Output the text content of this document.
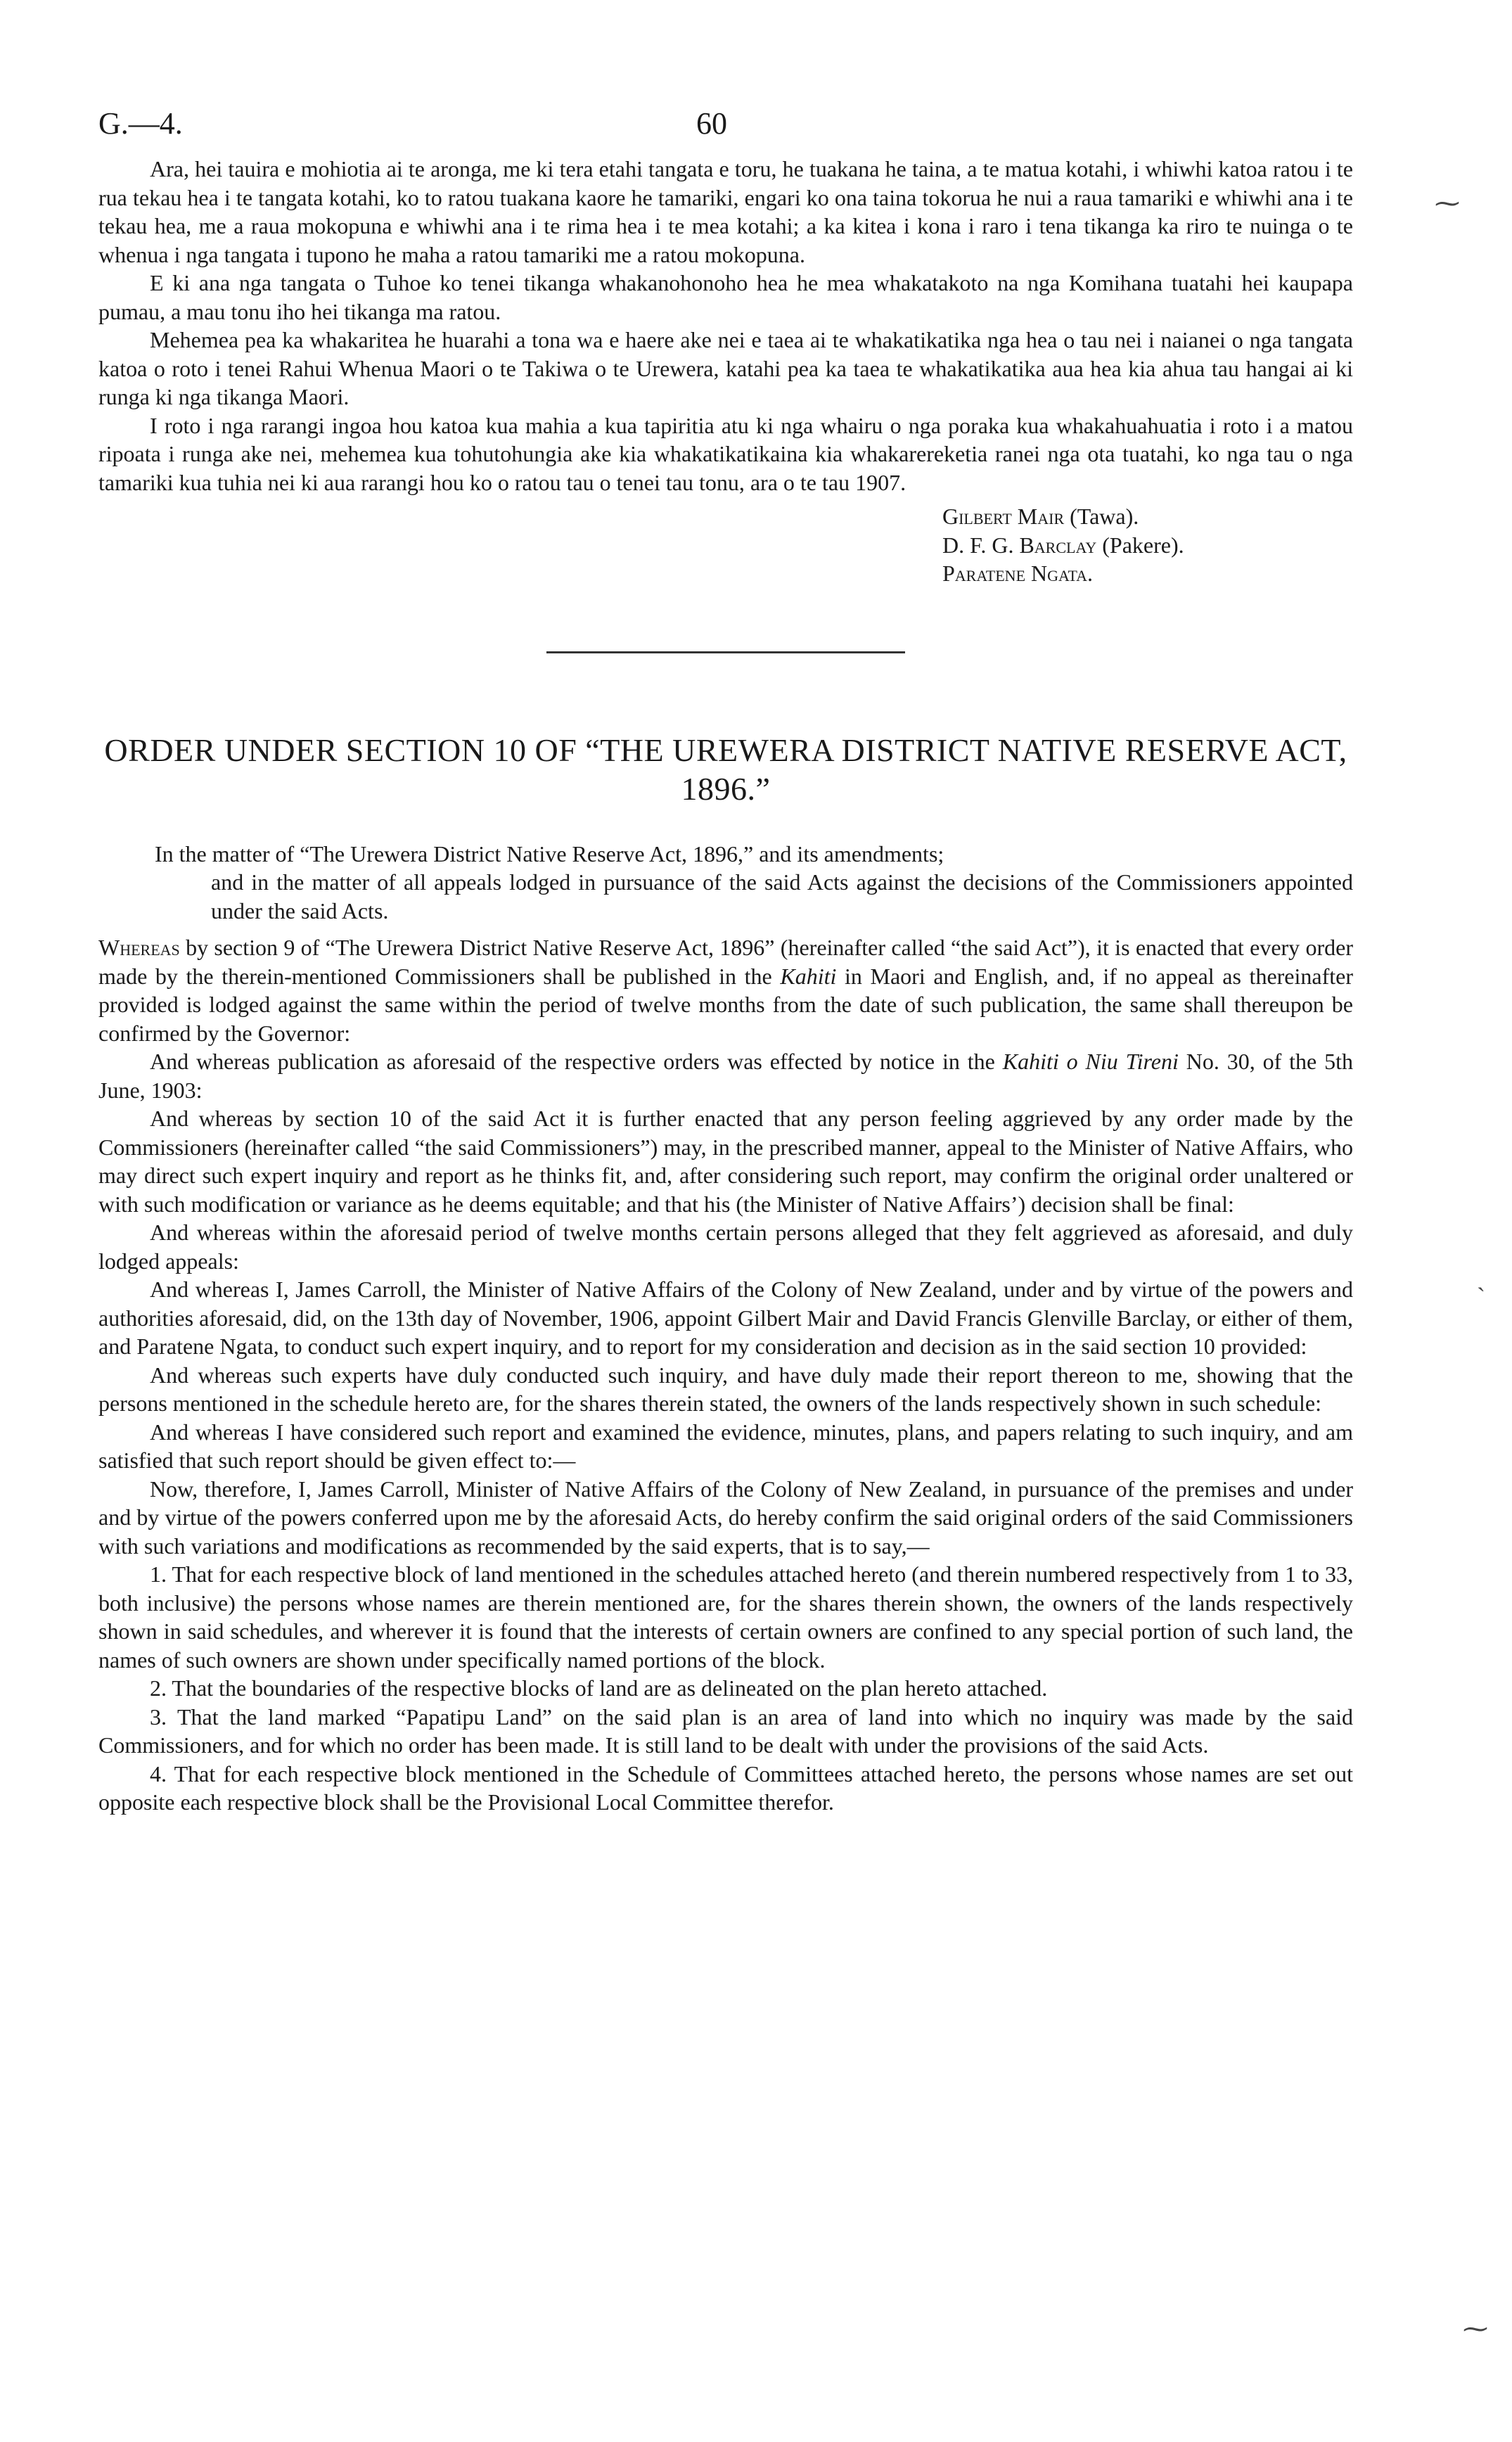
G.—4.	60

Ara, hei tauira e mohiotia ai te aronga, me ki tera etahi tangata e toru, he tuakana he taina, a te matua kotahi, i whiwhi katoa ratou i te rua tekau hea i te tangata kotahi, ko to ratou tuakana kaore he tamariki, engari ko ona taina tokorua he nui a raua tamariki e whiwhi ana i te tekau hea, me a raua mokopuna e whiwhi ana i te rima hea i te mea kotahi; a ka kitea i kona i raro i tena tikanga ka riro te nuinga o te whenua i nga tangata i tupono he maha a ratou tamariki me a ratou mokopuna.

E ki ana nga tangata o Tuhoe ko tenei tikanga whakanohonoho hea he mea whakatakoto na nga Komihana tuatahi hei kaupapa pumau, a mau tonu iho hei tikanga ma ratou.

Mehemea pea ka whakaritea he huarahi a tona wa e haere ake nei e taea ai te whakatikatika nga hea o tau nei i naianei o nga tangata katoa o roto i tenei Rahui Whenua Maori o te Takiwa o te Urewera, katahi pea ka taea te whakatikatika aua hea kia ahua tau hangai ai ki runga ki nga tikanga Maori.

I roto i nga rarangi ingoa hou katoa kua mahia a kua tapiritia atu ki nga whairu o nga poraka kua whakahuahuatia i roto i a matou ripoata i runga ake nei, mehemea kua tohutohungia ake kia whakatikatikaina kia whakarereketia ranei nga ota tuatahi, ko nga tau o nga tamariki kua tuhia nei ki aua rarangi hou ko o ratou tau o tenei tau tonu, ara o te tau 1907.

Gilbert Mair (Tawa).
D. F. G. Barclay (Pakere).
Paratene Ngata.
ORDER UNDER SECTION 10 OF “THE UREWERA DISTRICT NATIVE RESERVE ACT, 1896.”
In the matter of “The Urewera District Native Reserve Act, 1896,” and its amendments;
and in the matter of all appeals lodged in pursuance of the said Acts against the decisions of the Commissioners appointed under the said Acts.

Whereas by section 9 of “The Urewera District Native Reserve Act, 1896” (hereinafter called “the said Act”), it is enacted that every order made by the therein-mentioned Commissioners shall be published in the Kahiti in Maori and English, and, if no appeal as thereinafter provided is lodged against the same within the period of twelve months from the date of such publication, the same shall thereupon be confirmed by the Governor:

And whereas publication as aforesaid of the respective orders was effected by notice in the Kahiti o Niu Tireni No. 30, of the 5th June, 1903:

And whereas by section 10 of the said Act it is further enacted that any person feeling aggrieved by any order made by the Commissioners (hereinafter called “the said Commissioners”) may, in the prescribed manner, appeal to the Minister of Native Affairs, who may direct such expert inquiry and report as he thinks fit, and, after considering such report, may confirm the original order unaltered or with such modification or variance as he deems equitable; and that his (the Minister of Native Affairs’) decision shall be final:

And whereas within the aforesaid period of twelve months certain persons alleged that they felt aggrieved as aforesaid, and duly lodged appeals:

And whereas I, James Carroll, the Minister of Native Affairs of the Colony of New Zealand, under and by virtue of the powers and authorities aforesaid, did, on the 13th day of November, 1906, appoint Gilbert Mair and David Francis Glenville Barclay, or either of them, and Paratene Ngata, to conduct such expert inquiry, and to report for my consideration and decision as in the said section 10 provided:

And whereas such experts have duly conducted such inquiry, and have duly made their report thereon to me, showing that the persons mentioned in the schedule hereto are, for the shares therein stated, the owners of the lands respectively shown in such schedule:

And whereas I have considered such report and examined the evidence, minutes, plans, and papers relating to such inquiry, and am satisfied that such report should be given effect to:—

Now, therefore, I, James Carroll, Minister of Native Affairs of the Colony of New Zealand, in pursuance of the premises and under and by virtue of the powers conferred upon me by the aforesaid Acts, do hereby confirm the said original orders of the said Commissioners with such variations and modifications as recommended by the said experts, that is to say,—

1. That for each respective block of land mentioned in the schedules attached hereto (and therein numbered respectively from 1 to 33, both inclusive) the persons whose names are therein mentioned are, for the shares therein shown, the owners of the lands respectively shown in said schedules, and wherever it is found that the interests of certain owners are confined to any special portion of such land, the names of such owners are shown under specifically named portions of the block.

2. That the boundaries of the respective blocks of land are as delineated on the plan hereto attached.

3. That the land marked “Papatipu Land” on the said plan is an area of land into which no inquiry was made by the said Commissioners, and for which no order has been made. It is still land to be dealt with under the provisions of the said Acts.

4. That for each respective block mentioned in the Schedule of Committees attached hereto, the persons whose names are set out opposite each respective block shall be the Provisional Local Committee therefor.

⁓
ˏ
⁓
